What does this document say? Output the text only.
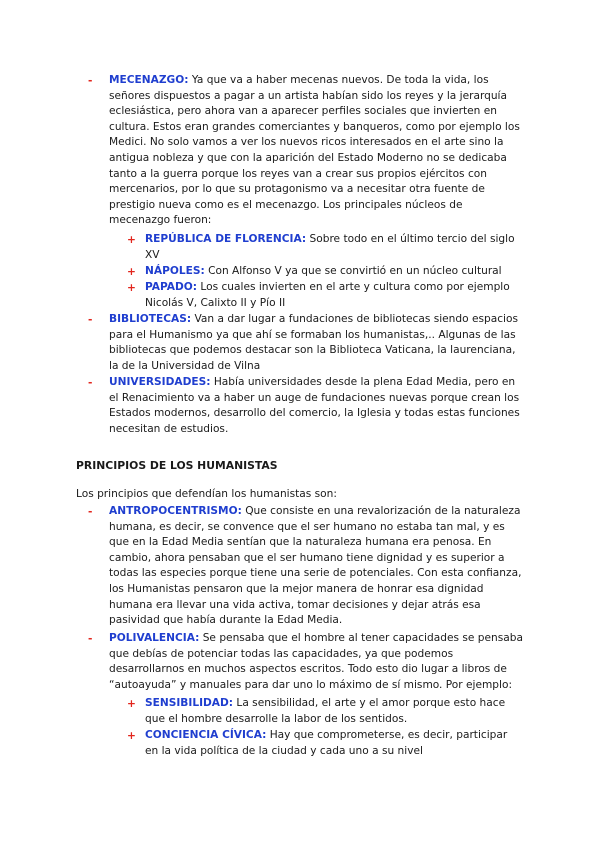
- MECENAZGO: Ya que va a haber mecenas nuevos. De toda la vida, los señores dispuestos a pagar a un artista habían sido los reyes y la jerarquía eclesiástica, pero ahora van a aparecer perfiles sociales que invierten en cultura. Estos eran grandes comerciantes y banqueros, como por ejemplo los Medici. No solo vamos a ver los nuevos ricos interesados en el arte sino la antigua nobleza y que con la aparición del Estado Moderno no se dedicaba tanto a la guerra porque los reyes van a crear sus propios ejércitos con mercenarios, por lo que su protagonismo va a necesitar otra fuente de prestigio nueva como es el mecenazgo. Los principales núcleos de mecenazgo fueron:

+ REPÚBLICA DE FLORENCIA: Sobre todo en el último tercio del siglo XV

+ NÁPOLES: Con Alfonso V ya que se convirtió en un núcleo cultural

+ PAPADO: Los cuales invierten en el arte y cultura como por ejemplo Nicolás V, Calixto II y Pío II

- BIBLIOTECAS: Van a dar lugar a fundaciones de bibliotecas siendo espacios para el Humanismo ya que ahí se formaban los humanistas,.. Algunas de las bibliotecas que podemos destacar son la Biblioteca Vaticana, la laurenciana, la de la Universidad de Vilna

- UNIVERSIDADES: Había universidades desde la plena Edad Media, pero en el Renacimiento va a haber un auge de fundaciones nuevas porque crean los Estados modernos, desarrollo del comercio, la Iglesia y todas estas funciones necesitan de estudios.

PRINCIPIOS DE LOS HUMANISTAS

Los principios que defendían los humanistas son:

- ANTROPOCENTRISMO: Que consiste en una revalorización de la naturaleza humana, es decir, se convence que el ser humano no estaba tan mal, y es que en la Edad Media sentían que la naturaleza humana era penosa. En cambio, ahora pensaban que el ser humano tiene dignidad y es superior a todas las especies porque tiene una serie de potenciales. Con esta confianza, los Humanistas pensaron que la mejor manera de honrar esa dignidad humana era llevar una vida activa, tomar decisiones y dejar atrás esa pasividad que había durante la Edad Media.

- POLIVALENCIA: Se pensaba que el hombre al tener capacidades se pensaba que debías de potenciar todas las capacidades, ya que podemos desarrollarnos en muchos aspectos escritos. Todo esto dio lugar a libros de “autoayuda” y manuales para dar uno lo máximo de sí mismo. Por ejemplo:

+ SENSIBILIDAD: La sensibilidad, el arte y el amor porque esto hace que el hombre desarrolle la labor de los sentidos.

+ CONCIENCIA CÍVICA: Hay que comprometerse, es decir, participar en la vida política de la ciudad y cada uno a su nivel
